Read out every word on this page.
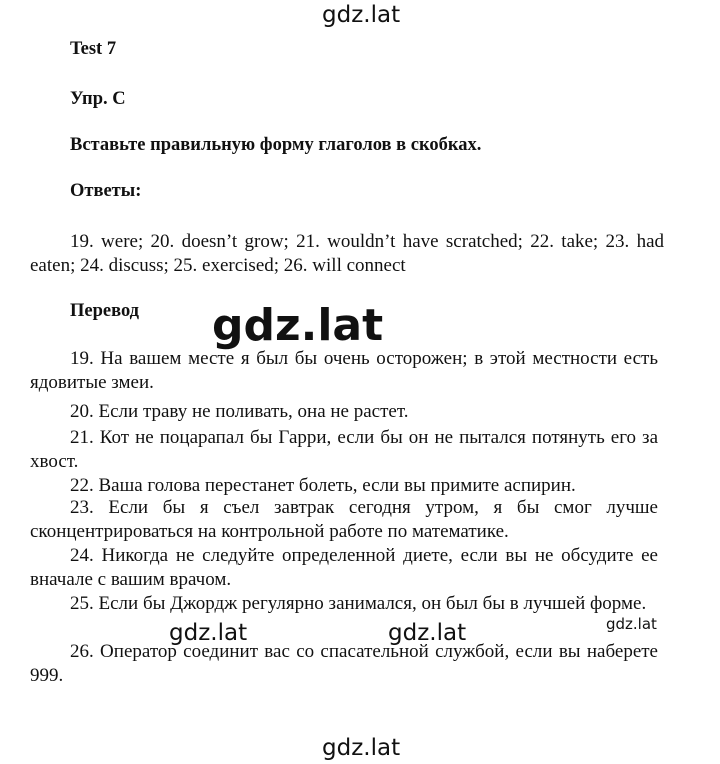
Test 7
Упр. C
Вставьте правильную форму глаголов в скобках.
Ответы:
19. were; 20. doesn’t grow; 21. wouldn’t have scratched; 22. take; 23. had eaten; 24. discuss; 25. exercised; 26. will connect
Перевод
19. На вашем месте я был бы очень осторожен; в этой местности есть ядовитые змеи.
20. Если траву не поливать, она не растет.
21. Кот не поцарапал бы Гарри, если бы он не пытался потянуть его за хвост.
22. Ваша голова перестанет болеть, если вы примите аспирин.
23. Если бы я съел завтрак сегодня утром, я бы смог лучше сконцентрироваться на контрольной работе по математике.
24. Никогда не следуйте определенной диете, если вы не обсудите ее вначале с вашим врачом.
25. Если бы Джордж регулярно занимался, он был бы в лучшей форме.
26. Оператор соединит вас со спасательной службой, если вы наберете 999.
gdz.lat
gdz.lat
gdz.lat	gdz.lat	gdz.lat
gdz.lat
